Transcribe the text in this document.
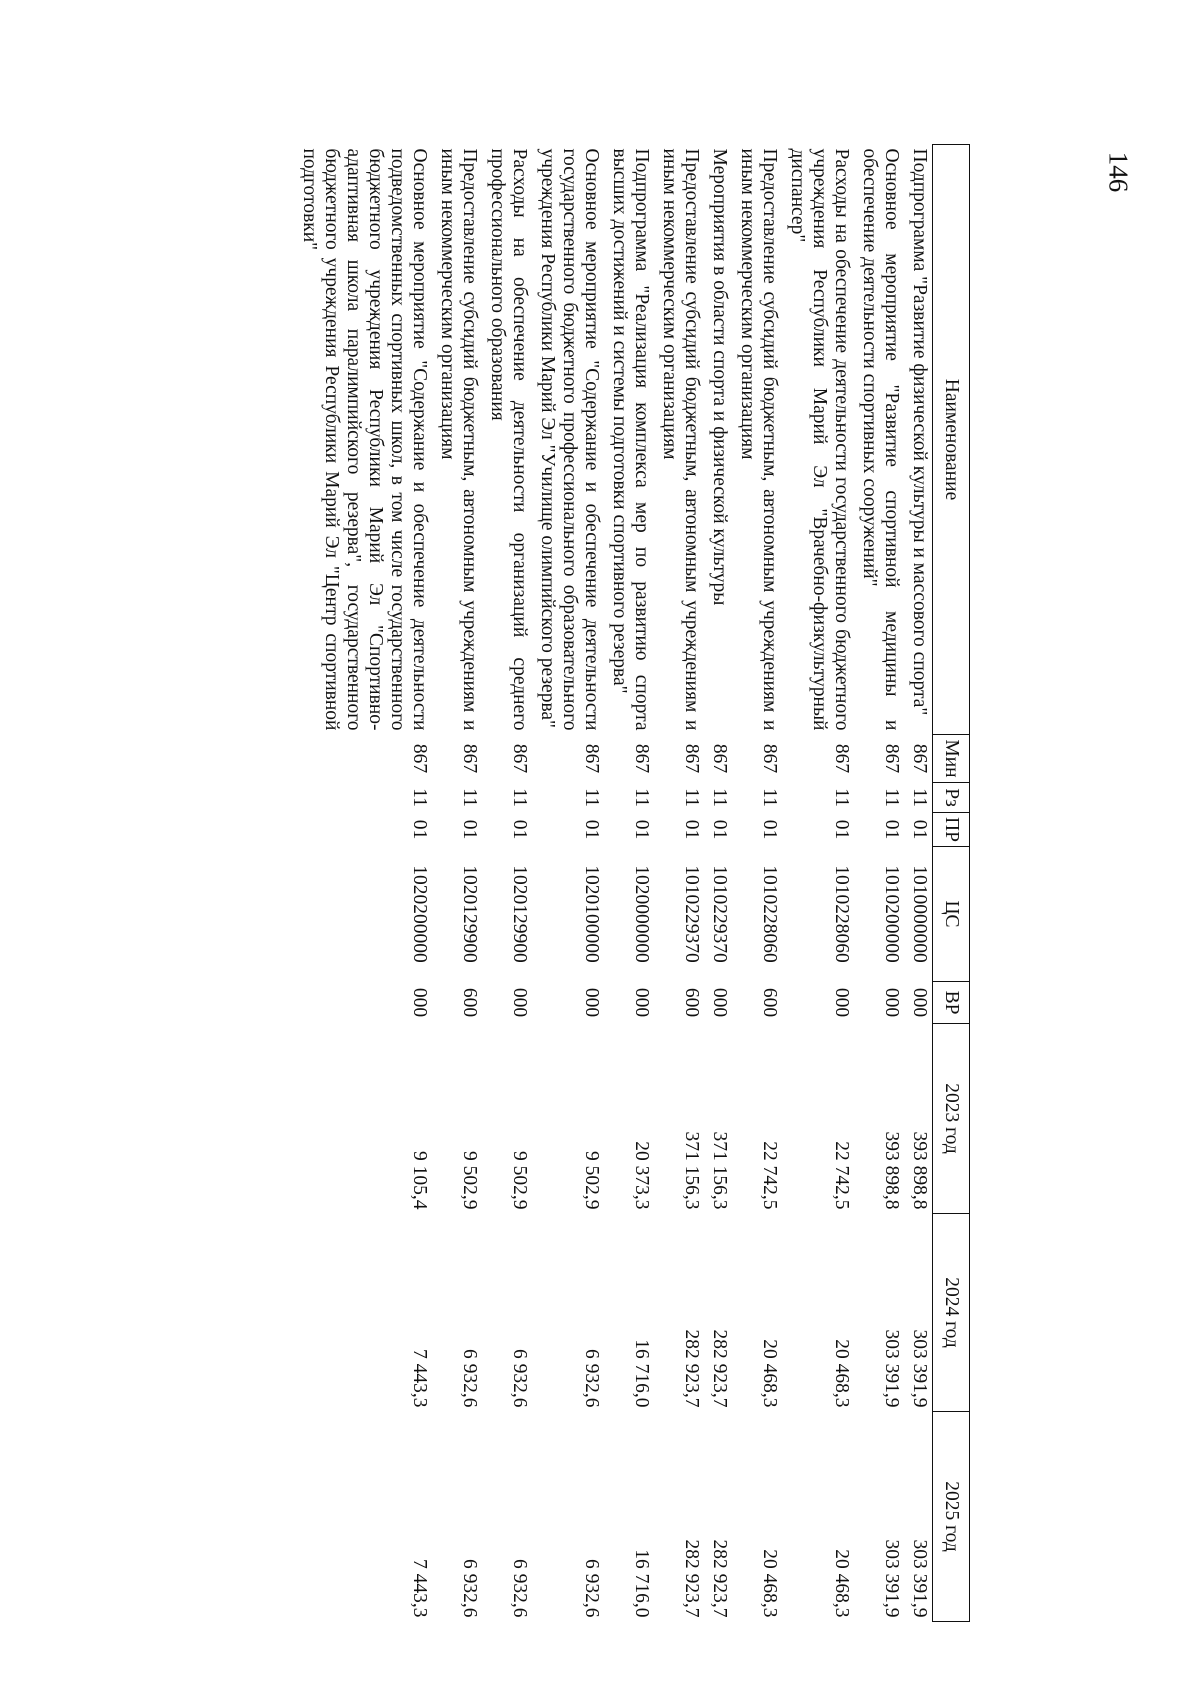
146
Наименование	Мин	Рз	ПР	ЦС	ВР	2023 год	2024 год	2025 год
Подпрограмма "Развитие физической культуры и массового спорта"	867	11	01	1010000000	000	393 898,8	303 391,9	303 391,9

Основное мероприятие "Развитие спортивной медицины и обеспечение деятельности спортивных сооружений"	867	11	01	1010200000	000	393 898,8	303 391,9	303 391,9

Расходы на обеспечение деятельности государственного бюджетного учреждения Республики Марий Эл "Врачебно-физкультурный диспансер"	867	11	01	1010228060	000	22 742,5	20 468,3	20 468,3

Предоставление субсидий бюджетным, автономным учреждениям и иным некоммерческим организациям	867	11	01	1010228060	600	22 742,5	20 468,3	20 468,3

Мероприятия в области спорта и физической культуры	867	11	01	1010229370	000	371 156,3	282 923,7	282 923,7

Предоставление субсидий бюджетным, автономным учреждениям и иным некоммерческим организациям	867	11	01	1010229370	600	371 156,3	282 923,7	282 923,7

Подпрограмма "Реализация комплекса мер по развитию спорта высших достижений и системы подготовки спортивного резерва"	867	11	01	1020000000	000	20 373,3	16 716,0	16 716,0

Основное мероприятие "Содержание и обеспечение деятельности государственного бюджетного профессионального образовательного учреждения Республики Марий Эл "Училище олимпийского резерва"	867	11	01	1020100000	000	9 502,9	6 932,6	6 932,6

Расходы на обеспечение деятельности организаций среднего профессионального образования	867	11	01	1020129900	000	9 502,9	6 932,6	6 932,6

Предоставление субсидий бюджетным, автономным учреждениям и иным некоммерческим организациям	867	11	01	1020129900	600	9 502,9	6 932,6	6 932,6

Основное мероприятие "Содержание и обеспечение деятельности подведомственных спортивных школ, в том числе государственного бюджетного учреждения Республики Марий Эл "Спортивно-адаптивная школа паралимпийского резерва", государственного бюджетного учреждения Республики Марий Эл "Центр спортивной подготовки"	867	11	01	1020200000	000	9 105,4	7 443,3	7 443,3
